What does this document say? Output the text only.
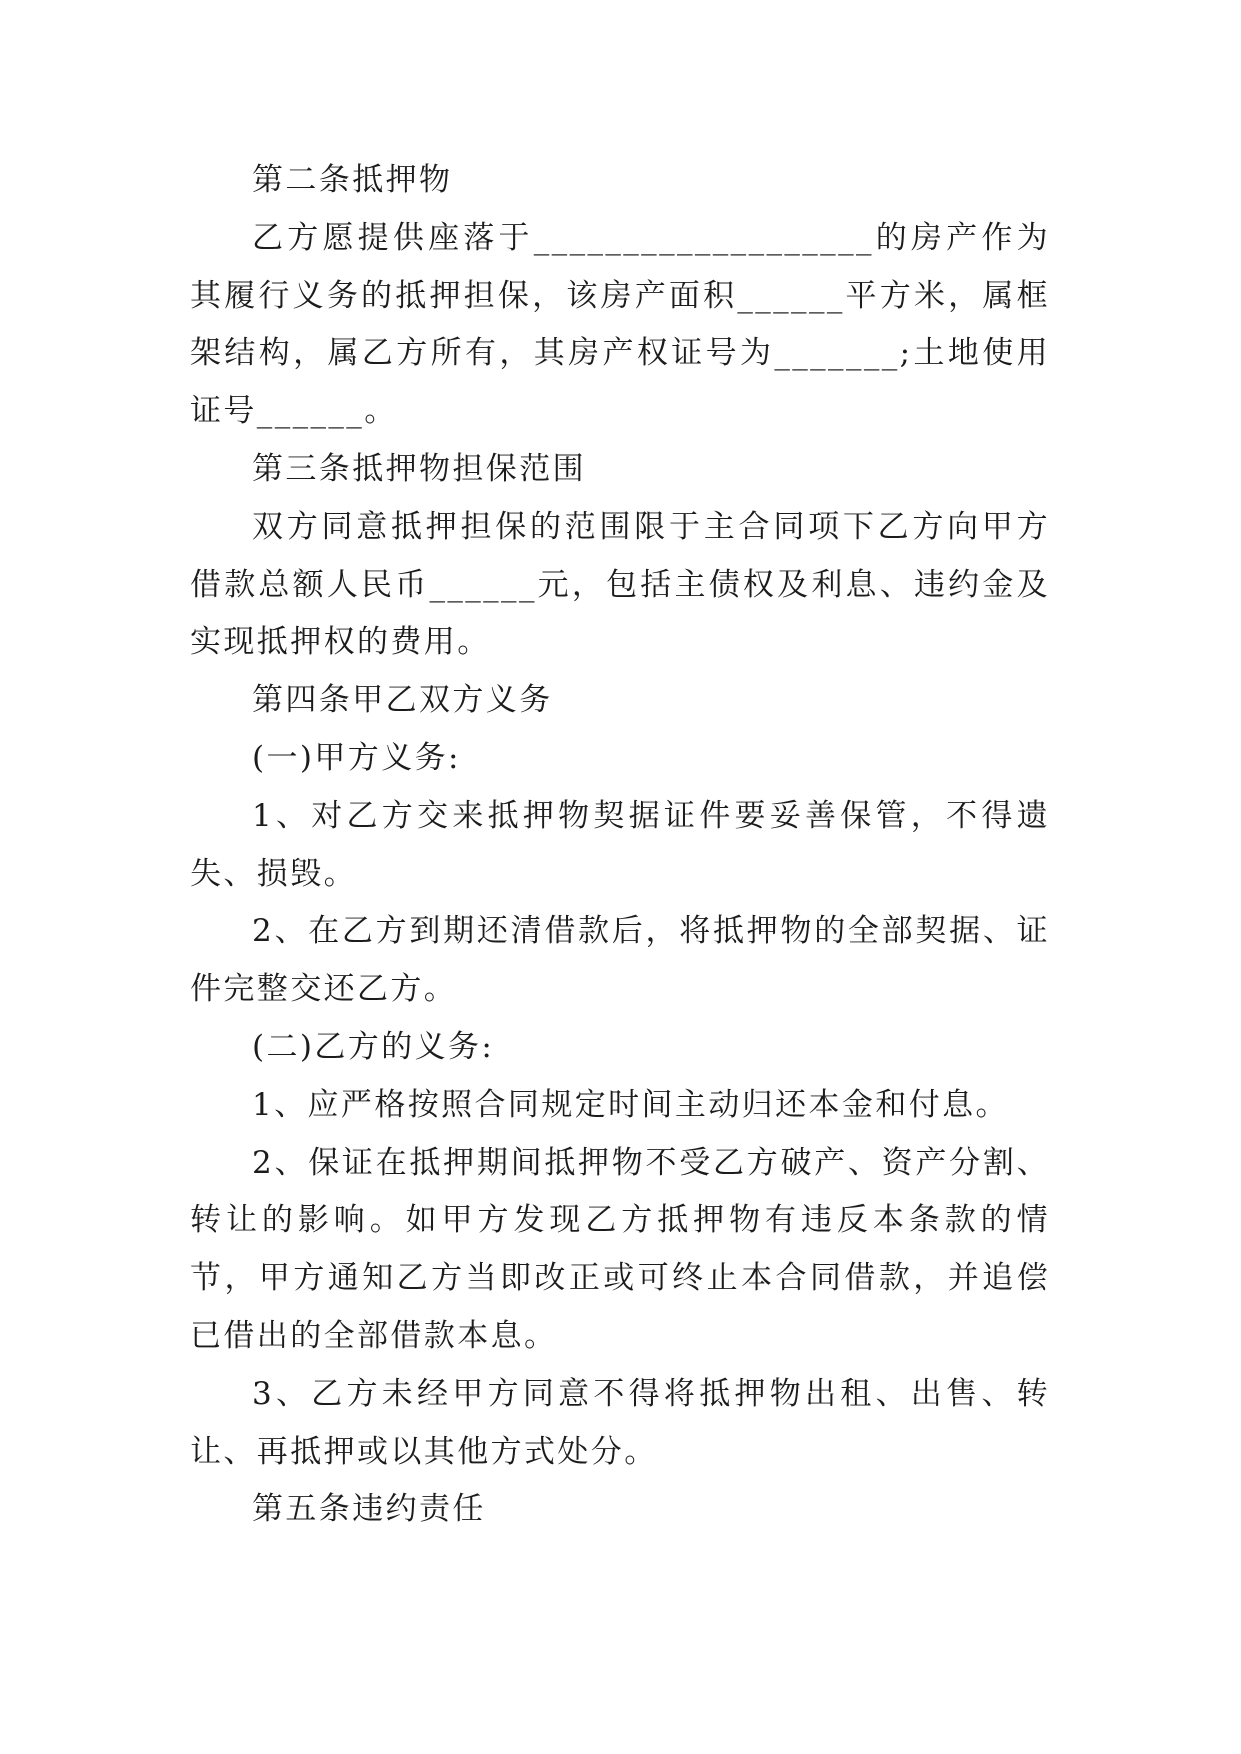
第二条抵押物

乙方愿提供座落于___________________的房产作为其履行义务的抵押担保，该房产面积______平方米，属框架结构，属乙方所有，其房产权证号为_______;土地使用证号______。

第三条抵押物担保范围

双方同意抵押担保的范围限于主合同项下乙方向甲方借款总额人民币______元，包括主债权及利息、违约金及实现抵押权的费用。

第四条甲乙双方义务

(一)甲方义务:

1、对乙方交来抵押物契据证件要妥善保管，不得遗失、损毁。

2、在乙方到期还清借款后，将抵押物的全部契据、证件完整交还乙方。

(二)乙方的义务:

1、应严格按照合同规定时间主动归还本金和付息。

2、保证在抵押期间抵押物不受乙方破产、资产分割、转让的影响。如甲方发现乙方抵押物有违反本条款的情节，甲方通知乙方当即改正或可终止本合同借款，并追偿已借出的全部借款本息。

3、乙方未经甲方同意不得将抵押物出租、出售、转让、再抵押或以其他方式处分。

第五条违约责任
